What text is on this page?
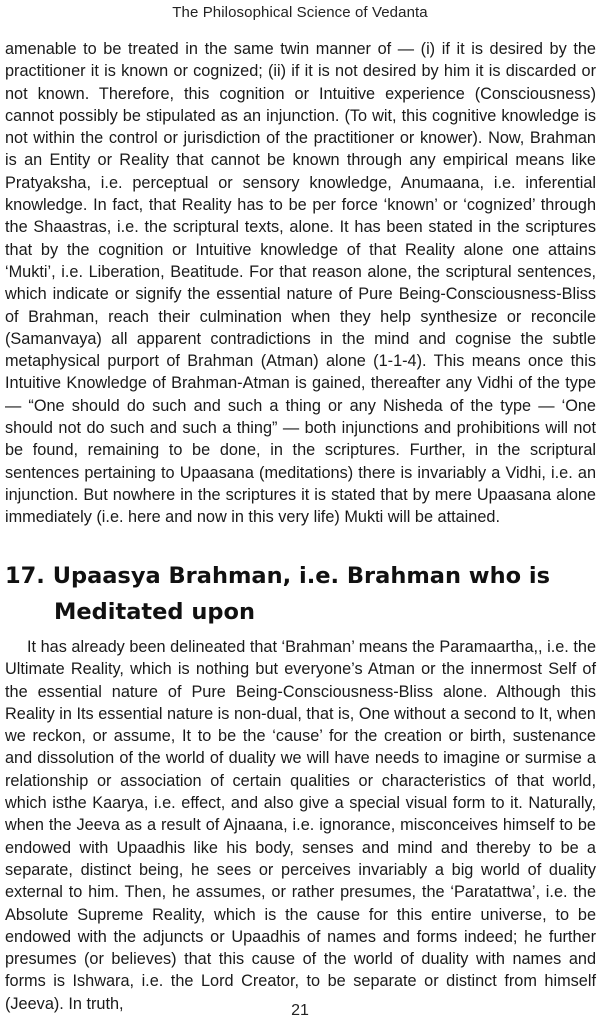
The Philosophical Science of Vedanta

amenable to be treated in the same twin manner of — (i) if it is desired by the practitioner it is known or cognized; (ii) if it is not desired by him it is discarded or not known. Therefore, this cognition or Intuitive experience (Consciousness) cannot possibly be stipulated as an injunction. (To wit, this cognitive knowledge is not within the control or jurisdiction of the practitioner or knower). Now, Brahman is an Entity or Reality that cannot be known through any empirical means like Pratyaksha, i.e. perceptual or sensory knowledge, Anumaana, i.e. inferential knowledge. In fact, that Reality has to be per force ‘known’ or ‘cognized’ through the Shaastras, i.e. the scriptural texts, alone. It has been stated in the scriptures that by the cognition or Intuitive knowledge of that Reality alone one attains ‘Mukti’, i.e. Liberation, Beatitude. For that reason alone, the scriptural sentences, which indicate or signify the essential nature of Pure Being-Consciousness-Bliss of Brahman, reach their culmination when they help synthesize or reconcile (Samanvaya) all apparent contradictions in the mind and cognise the subtle metaphysical purport of Brahman (Atman) alone (1-1-4). This means once this Intuitive Knowledge of Brahman-Atman is gained, thereafter any Vidhi of the type — “One should do such and such a thing or any Nisheda of the type — ‘One should not do such and such a thing” — both injunctions and prohibitions will not be found, remaining to be done, in the scriptures. Further, in the scriptural sentences pertaining to Upaasana (meditations) there is invariably a Vidhi, i.e. an injunction. But nowhere in the scriptures it is stated that by mere Upaasana alone immediately (i.e. here and now in this very life) Mukti will be attained.

17. Upaasya Brahman, i.e. Brahman who is
Meditated upon

It has already been delineated that ‘Brahman’ means the Paramaartha,, i.e. the Ultimate Reality, which is nothing but everyone’s Atman or the innermost Self of the essential nature of Pure Being-Consciousness-Bliss alone. Although this Reality in Its essential nature is non-dual, that is, One without a second to It, when we reckon, or assume, It to be the ‘cause’ for the creation or birth, sustenance and dissolution of the world of duality we will have needs to imagine or surmise a relationship or association of certain qualities or characteristics of that world, which isthe Kaarya, i.e. effect, and also give a special visual form to it. Naturally, when the Jeeva as a result of Ajnaana, i.e. ignorance, misconceives himself to be endowed with Upaadhis like his body, senses and mind and thereby to be a separate, distinct being, he sees or perceives invariably a big world of duality external to him. Then, he assumes, or rather presumes, the ‘Paratattwa’, i.e. the Absolute Supreme Reality, which is the cause for this entire universe, to be endowed with the adjuncts or Upaadhis of names and forms indeed; he further presumes (or believes) that this cause of the world of duality with names and forms is Ishwara, i.e. the Lord Creator, to be separate or distinct from himself (Jeeva). In truth,	21
